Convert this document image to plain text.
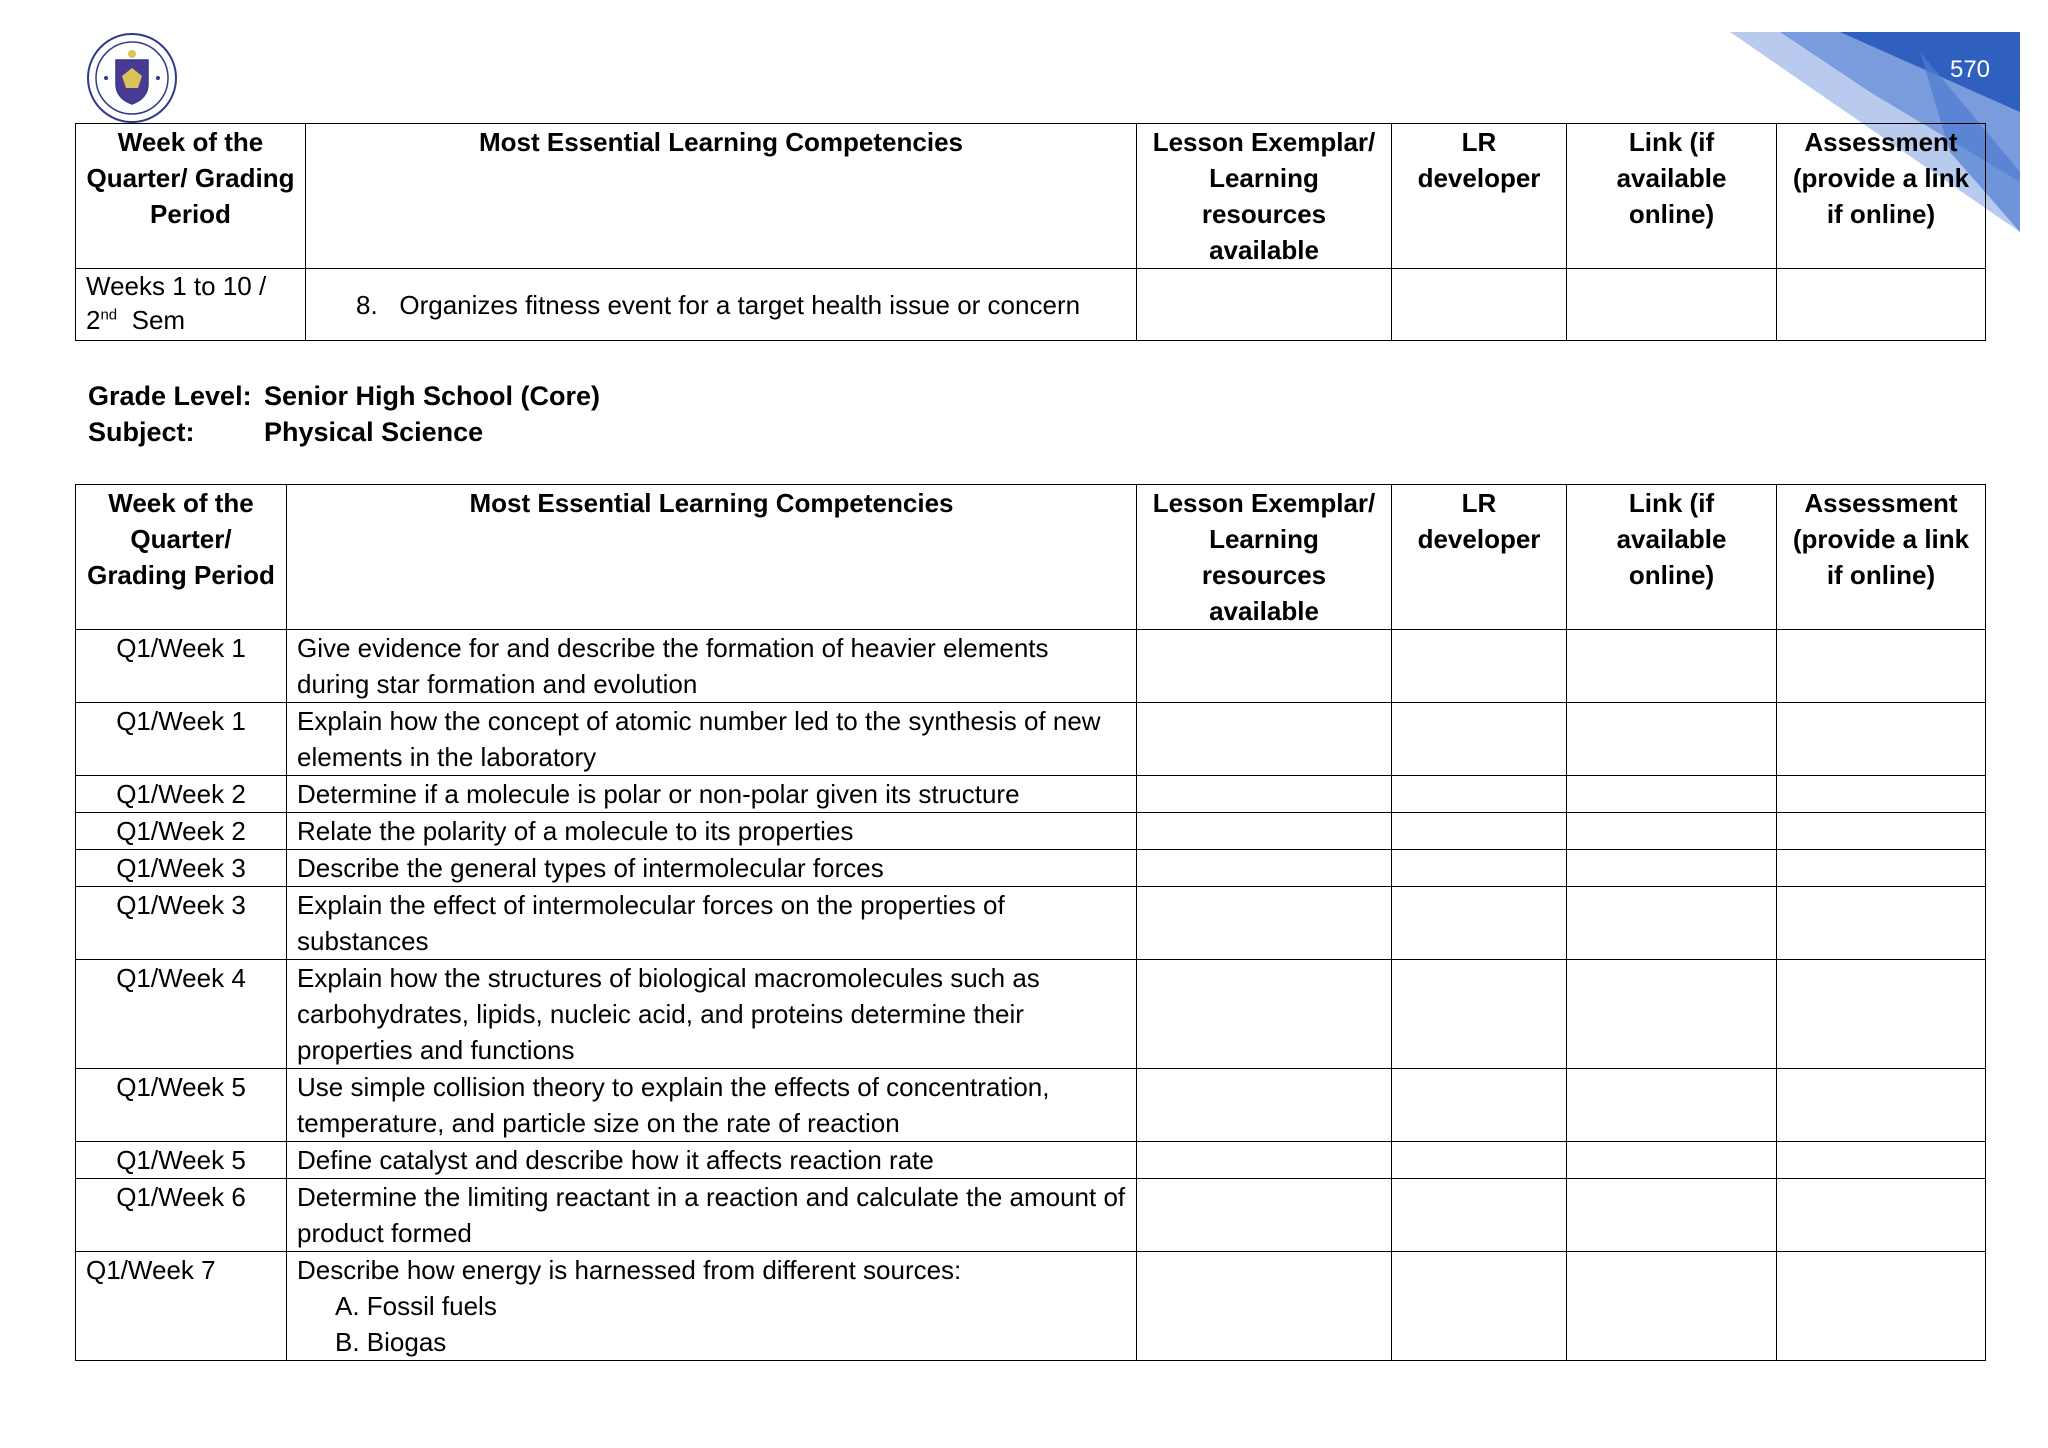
570
Week of the Quarter/ Grading Period	Most Essential Learning Competencies	Lesson Exemplar/ Learning resources available	LR developer	Link (if available online)	Assessment (provide a link if online)
Weeks 1 to 10 /
2nd Sem	8. Organizes fitness event for a target health issue or concern				
Grade Level: Senior High School (Core)
Subject:	Physical Science
Week of the Quarter/ Grading Period	Most Essential Learning Competencies	Lesson Exemplar/ Learning resources available	LR developer	Link (if available online)	Assessment (provide a link if online)
Q1/Week 1	Give evidence for and describe the formation of heavier elements during star formation and evolution				
Q1/Week 1	Explain how the concept of atomic number led to the synthesis of new elements in the laboratory				
Q1/Week 2	Determine if a molecule is polar or non-polar given its structure				
Q1/Week 2	Relate the polarity of a molecule to its properties				
Q1/Week 3	Describe the general types of intermolecular forces				
Q1/Week 3	Explain the effect of intermolecular forces on the properties of substances				
Q1/Week 4	Explain how the structures of biological macromolecules such as carbohydrates, lipids, nucleic acid, and proteins determine their properties and functions				
Q1/Week 5	Use simple collision theory to explain the effects of concentration, temperature, and particle size on the rate of reaction				
Q1/Week 5	Define catalyst and describe how it affects reaction rate				
Q1/Week 6	Determine the limiting reactant in a reaction and calculate the amount of product formed				
Q1/Week 7	Describe how energy is harnessed from different sources:
A. Fossil fuels
B. Biogas				
